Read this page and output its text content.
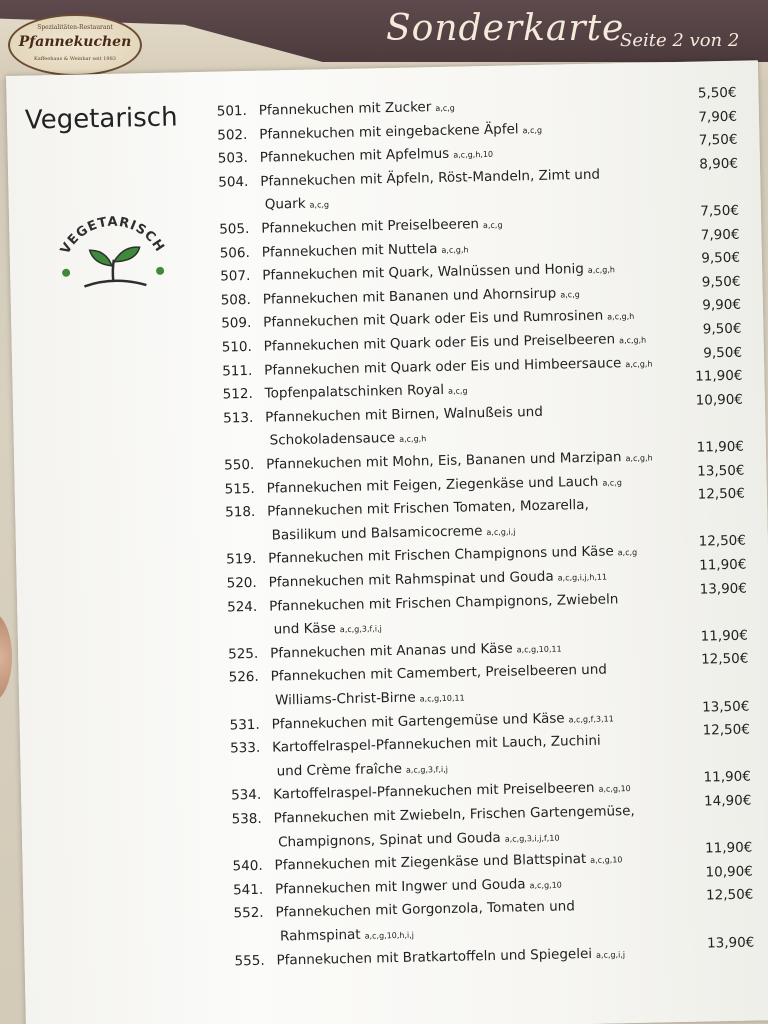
Spezialitäten-Restaurant
Pfannekuchen
Kaffeehaus & Weinbar seit 1983
Sonderkarte
Seite 2 von 2
Vegetarisch
VEGETARISCH
501. Pfannekuchen mit Zucker a,c,g
5,50€
502. Pfannekuchen mit eingebackene Äpfel a,c,g
7,90€
503. Pfannekuchen mit Apfelmus a,c,g,h,10
7,50€
504. Pfannekuchen mit Äpfeln, Röst-Mandeln, Zimt und
8,90€
Quark a,c,g
505. Pfannekuchen mit Preiselbeeren a,c,g
7,50€
506. Pfannekuchen mit Nuttela a,c,g,h
7,90€
507. Pfannekuchen mit Quark, Walnüssen und Honig a,c,g,h
9,50€
508. Pfannekuchen mit Bananen und Ahornsirup a,c,g
9,50€
509. Pfannekuchen mit Quark oder Eis und Rumrosinen a,c,g,h
9,90€
510. Pfannekuchen mit Quark oder Eis und Preiselbeeren a,c,g,h
9,50€
511. Pfannekuchen mit Quark oder Eis und Himbeersauce a,c,g,h
9,50€
512. Topfenpalatschinken Royal a,c,g
11,90€
513. Pfannekuchen mit Birnen, Walnußeis und
10,90€
Schokoladensauce a,c,g,h
550. Pfannekuchen mit Mohn, Eis, Bananen und Marzipan a,c,g,h
11,90€
515. Pfannekuchen mit Feigen, Ziegenkäse und Lauch a,c,g
13,50€
518. Pfannekuchen mit Frischen Tomaten, Mozarella,
12,50€
Basilikum und Balsamicocreme a,c,g,i,j
519. Pfannekuchen mit Frischen Champignons und Käse a,c,g
12,50€
520. Pfannekuchen mit Rahmspinat und Gouda a,c,g,i,j,h,11
11,90€
524. Pfannekuchen mit Frischen Champignons, Zwiebeln
13,90€
und Käse a,c,g,3,f,i,j
525. Pfannekuchen mit Ananas und Käse a,c,g,10,11
11,90€
526. Pfannekuchen mit Camembert, Preiselbeeren und
12,50€
Williams-Christ-Birne a,c,g,10,11
531. Pfannekuchen mit Gartengemüse und Käse a,c,g,f,3,11
13,50€
533. Kartoffelraspel-Pfannekuchen mit Lauch, Zuchini
12,50€
und Crème fraîche a,c,g,3,f,i,j
534. Kartoffelraspel-Pfannekuchen mit Preiselbeeren a,c,g,10
11,90€
538. Pfannekuchen mit Zwiebeln, Frischen Gartengemüse,
14,90€
Champignons, Spinat und Gouda a,c,g,3,i,j,f,10
540. Pfannekuchen mit Ziegenkäse und Blattspinat a,c,g,10
11,90€
541. Pfannekuchen mit Ingwer und Gouda a,c,g,10
10,90€
552. Pfannekuchen mit Gorgonzola, Tomaten und
12,50€
Rahmspinat a,c,g,10,h,i,j
555. Pfannekuchen mit Bratkartoffeln und Spiegelei a,c,g,i,j
13,90€
